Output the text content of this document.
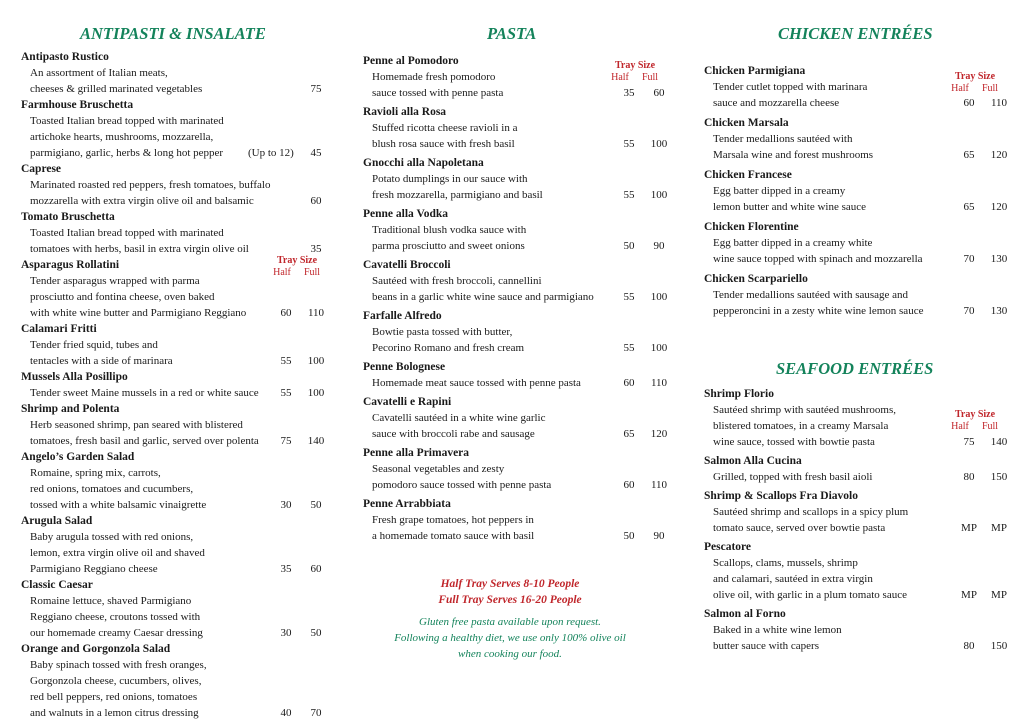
ANTIPASTI & INSALATE
Tray Size
Half Full
Antipasto Rustico
An assortment of Italian meats,
cheeses & grilled marinated vegetables	75
Farmhouse Bruschetta
Toasted Italian bread topped with marinated
artichoke hearts, mushrooms, mozzarella,
parmigiano, garlic, herbs & long hot pepper (Up to 12)	45
Caprese
Marinated roasted red peppers, fresh tomatoes, buffalo
mozzarella with extra virgin olive oil and balsamic	60
Tomato Bruschetta
Toasted Italian bread topped with marinated
tomatoes with herbs, basil in extra virgin olive oil	35
Asparagus Rollatini
Tender asparagus wrapped with parma
prosciutto and fontina cheese, oven baked
with white wine butter and Parmigiano Reggiano	60	110
Calamari Fritti
Tender fried squid, tubes and
tentacles with a side of marinara	55	100
Mussels Alla Posillipo
Tender sweet Maine mussels in a red or white sauce	55	100
Shrimp and Polenta
Herb seasoned shrimp, pan seared with blistered
tomatoes, fresh basil and garlic, served over polenta	75	140
Angelo’s Garden Salad
Romaine, spring mix, carrots,
red onions, tomatoes and cucumbers,
tossed with a white balsamic vinaigrette	30	50
Arugula Salad
Baby arugula tossed with red onions,
lemon, extra virgin olive oil and shaved
Parmigiano Reggiano cheese	35	60
Classic Caesar
Romaine lettuce, shaved Parmigiano
Reggiano cheese, croutons tossed with
our homemade creamy Caesar dressing	30	50
Orange and Gorgonzola Salad
Baby spinach tossed with fresh oranges,
Gorgonzola cheese, cucumbers, olives,
red bell peppers, red onions, tomatoes
and walnuts in a lemon citrus dressing	40	70
PASTA
Tray Size
Half Full
Penne al Pomodoro
Homemade fresh pomodoro
sauce tossed with penne pasta	35	60
Ravioli alla Rosa
Stuffed ricotta cheese ravioli in a
blush rosa sauce with fresh basil	55	100
Gnocchi alla Napoletana
Potato dumplings in our sauce with
fresh mozzarella, parmigiano and basil	55	100
Penne alla Vodka
Traditional blush vodka sauce with
parma prosciutto and sweet onions	50	90
Cavatelli Broccoli
Sautéed with fresh broccoli, cannellini
beans in a garlic white wine sauce and parmigiano	55	100
Farfalle Alfredo
Bowtie pasta tossed with butter,
Pecorino Romano and fresh cream	55	100
Penne Bolognese
Homemade meat sauce tossed with penne pasta	60	110
Cavatelli e Rapini
Cavatelli sautéed in a white wine garlic
sauce with broccoli rabe and sausage	65	120
Penne alla Primavera
Seasonal vegetables and zesty
pomodoro sauce tossed with penne pasta	60	110
Penne Arrabbiata
Fresh grape tomatoes, hot peppers in
a homemade tomato sauce with basil	50	90
Half Tray Serves 8-10 People
Full Tray Serves 16-20 People
Gluten free pasta available upon request.
Following a healthy diet, we use only 100% olive oil
when cooking our food.
CHICKEN ENTRÉES
Tray Size
Half Full
Chicken Parmigiana
Tender cutlet topped with marinara
sauce and mozzarella cheese	60	110
Chicken Marsala
Tender medallions sautéed with
Marsala wine and forest mushrooms	65	120
Chicken Francese
Egg batter dipped in a creamy
lemon butter and white wine sauce	65	120
Chicken Florentine
Egg batter dipped in a creamy white
wine sauce topped with spinach and mozzarella	70	130
Chicken Scarpariello
Tender medallions sautéed with sausage and
pepperoncini in a zesty white wine lemon sauce	70	130
SEAFOOD ENTRÉES
Tray Size
Half Full
Shrimp Florio
Sautéed shrimp with sautéed mushrooms,
blistered tomatoes, in a creamy Marsala
wine sauce, tossed with bowtie pasta	75	140
Salmon Alla Cucina
Grilled, topped with fresh basil aioli	80	150
Shrimp & Scallops Fra Diavolo
Sautéed shrimp and scallops in a spicy plum
tomato sauce, served over bowtie pasta	MP	MP
Pescatore
Scallops, clams, mussels, shrimp
and calamari, sautéed in extra virgin
olive oil, with garlic in a plum tomato sauce	MP	MP
Salmon al Forno
Baked in a white wine lemon
butter sauce with capers	80	150
